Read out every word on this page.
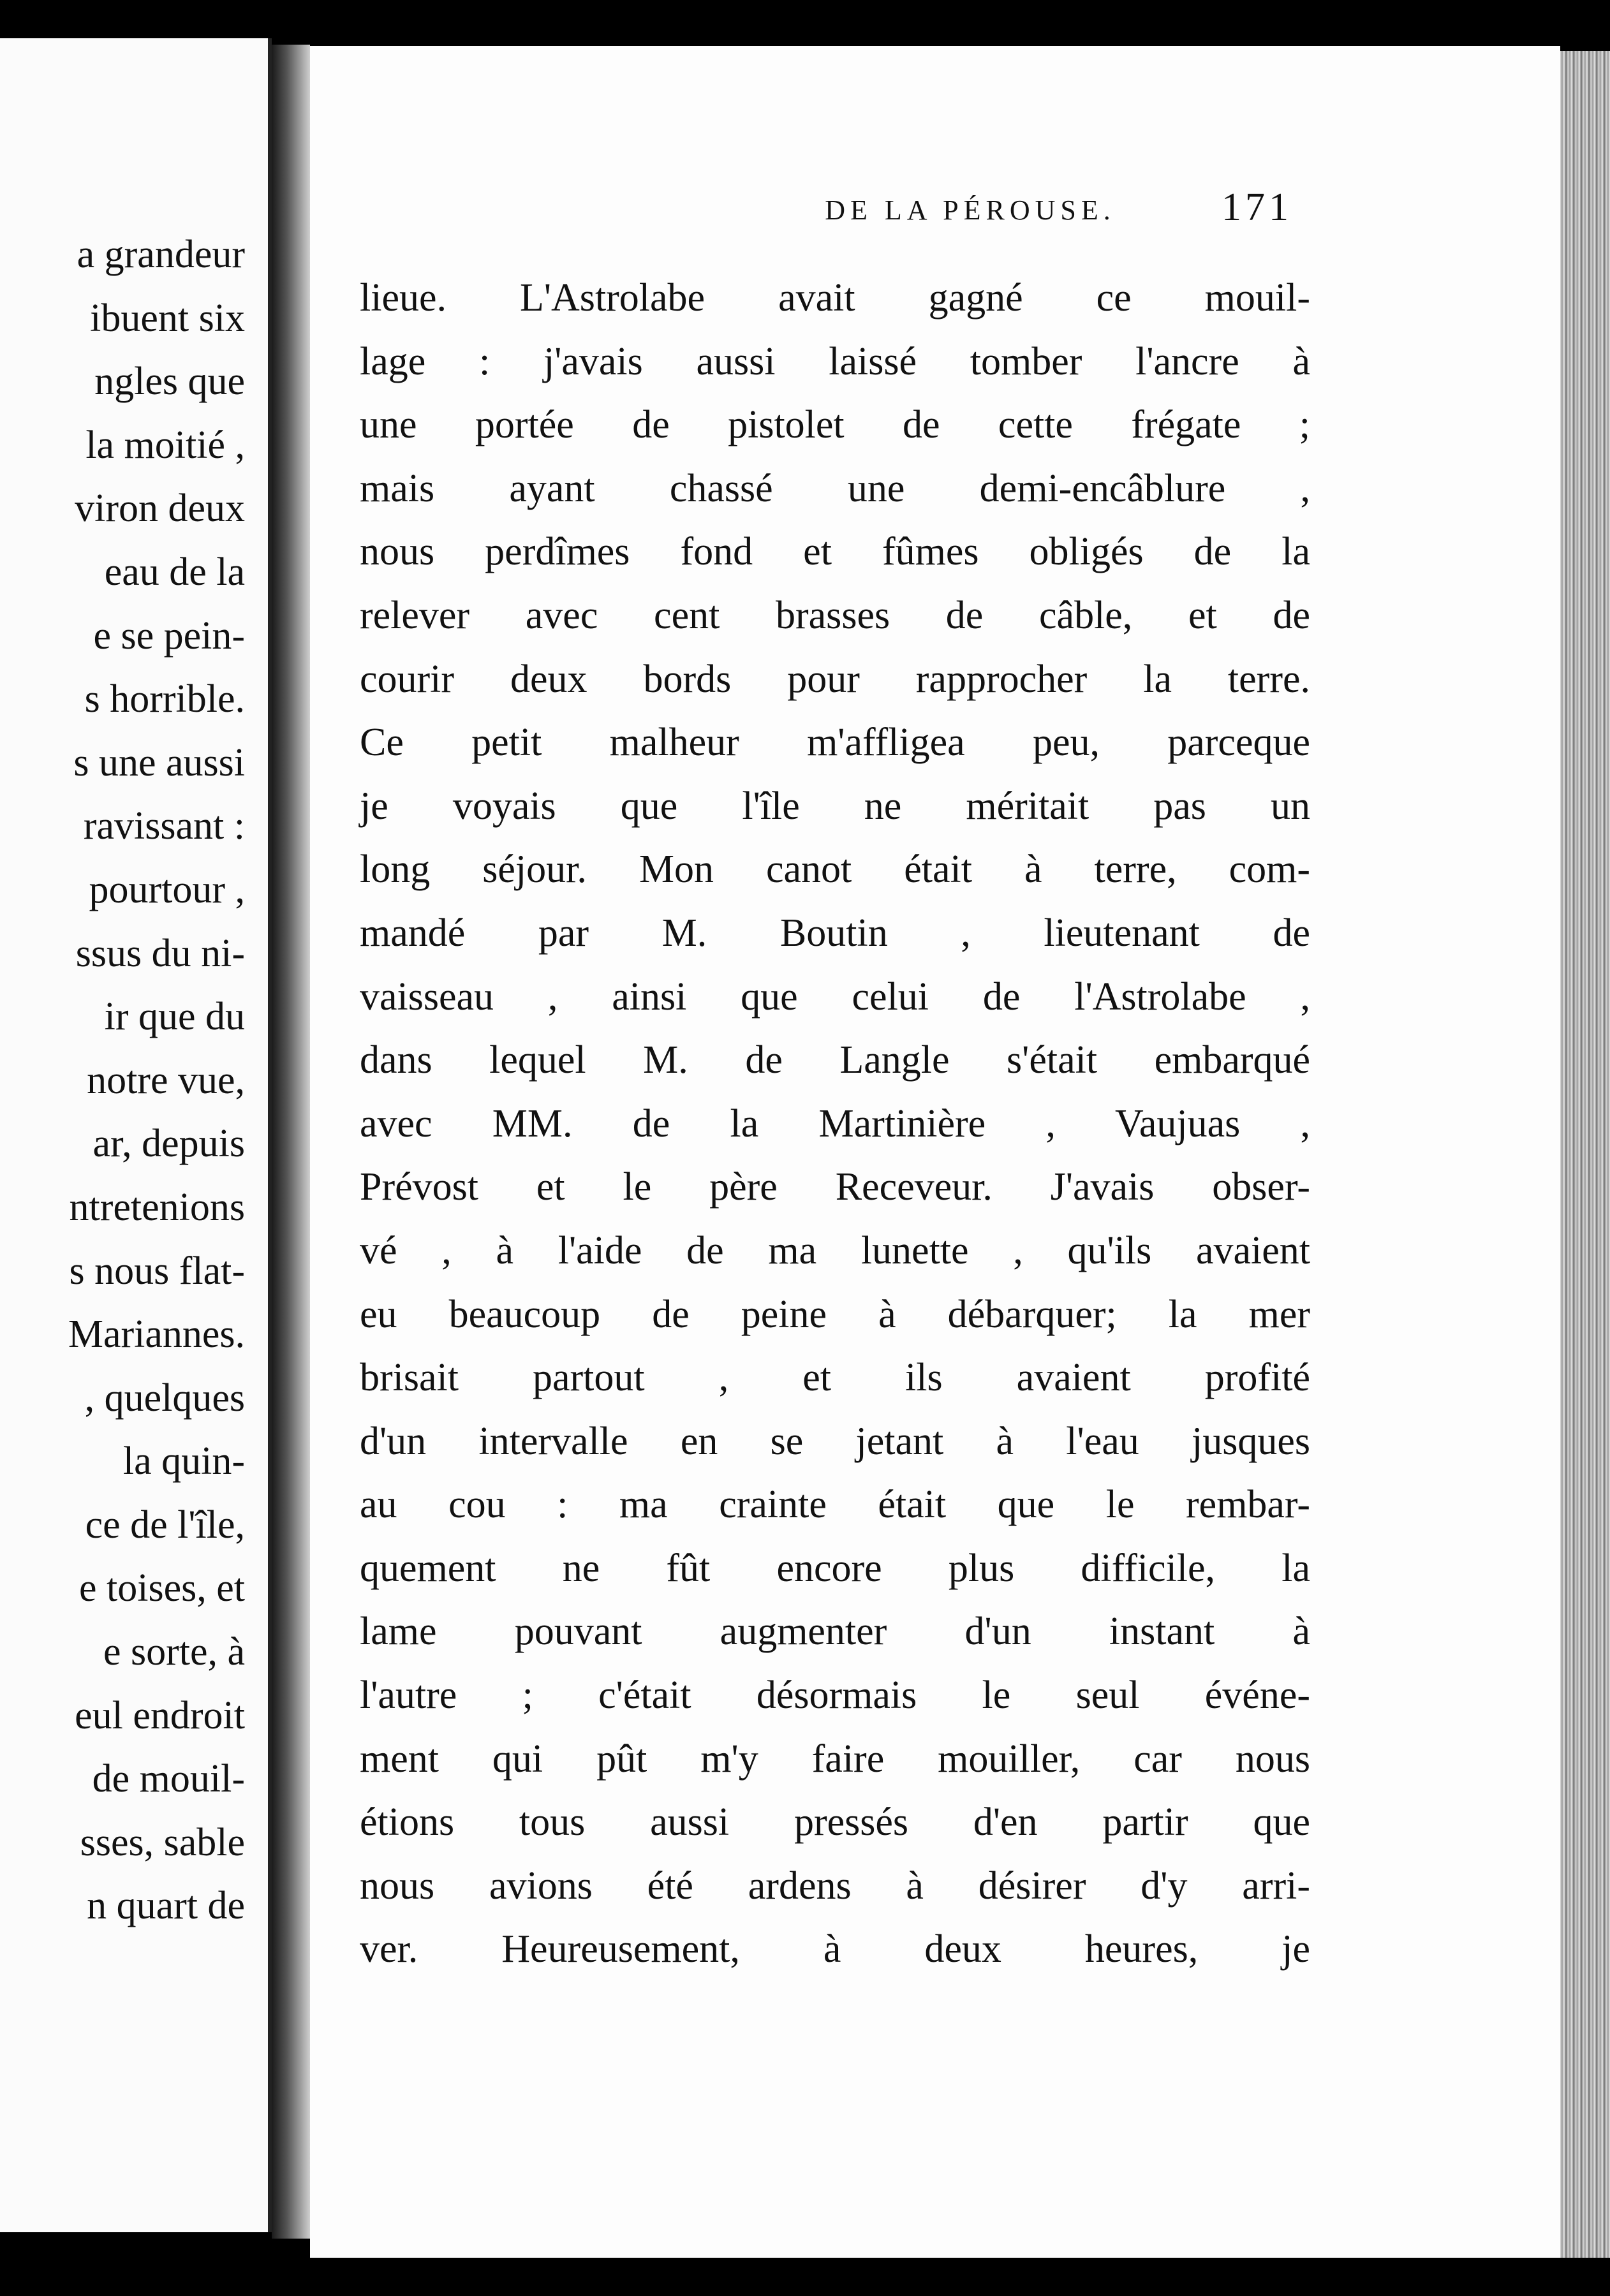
a grandeur
ibuent six
ngles que
la moitié ,
viron deux
eau de la
e se pein-
s horrible.
s une aussi
ravissant :
pourtour ,
ssus du ni-
ir que du
notre vue,
ar, depuis
ntretenions
s nous flat-
Mariannes.
, quelques
la quin-
ce de l'île,
e toises, et
e sorte, à
eul endroit
de mouil-
sses, sable
n quart de
DE LA PÉROUSE.	171
lieue. L'Astrolabe avait gagné ce mouil-
lage : j'avais aussi laissé tomber l'ancre à
une portée de pistolet de cette frégate ;
mais ayant chassé une demi-encâblure ,
nous perdîmes fond et fûmes obligés de la
relever avec cent brasses de câble, et de
courir deux bords pour rapprocher la terre.
Ce petit malheur m'affligea peu, parceque
je voyais que l'île ne méritait pas un
long séjour. Mon canot était à terre, com-
mandé par M. Boutin , lieutenant de
vaisseau , ainsi que celui de l'Astrolabe ,
dans lequel M. de Langle s'était embarqué
avec MM. de la Martinière , Vaujuas ,
Prévost et le père Receveur. J'avais obser-
vé , à l'aide de ma lunette , qu'ils avaient
eu beaucoup de peine à débarquer; la mer
brisait partout , et ils avaient profité
d'un intervalle en se jetant à l'eau jusques
au cou : ma crainte était que le rembar-
quement ne fût encore plus difficile, la
lame pouvant augmenter d'un instant à
l'autre ; c'était désormais le seul événe-
ment qui pût m'y faire mouiller, car nous
étions tous aussi pressés d'en partir que
nous avions été ardens à désirer d'y arri-
ver. Heureusement, à deux heures, je
